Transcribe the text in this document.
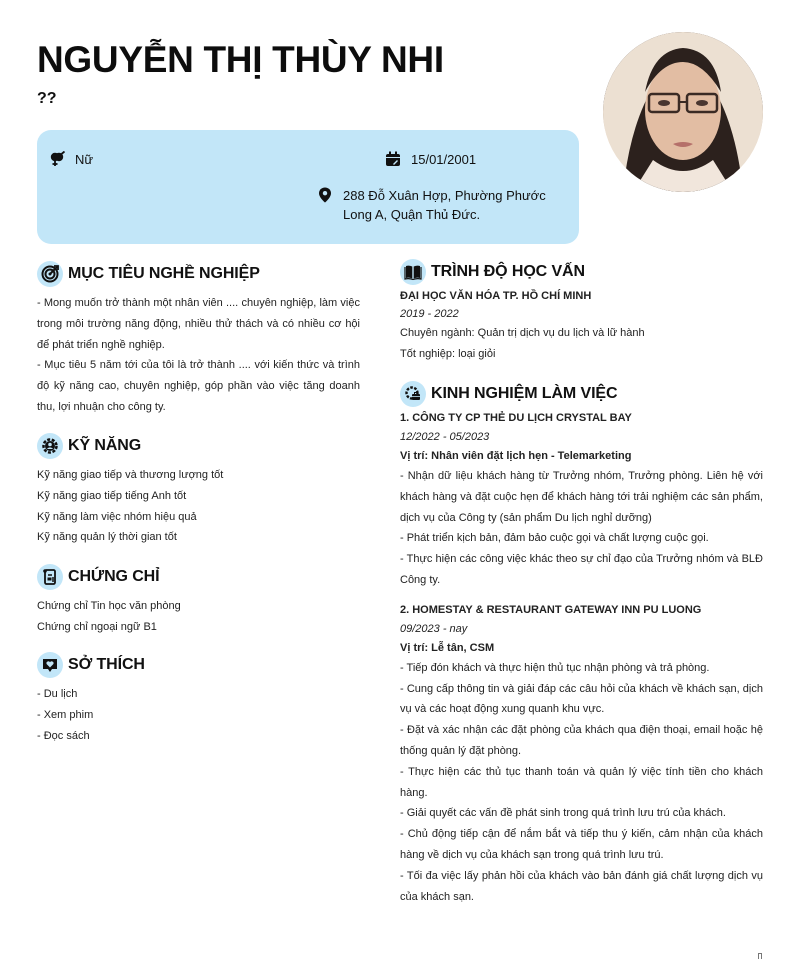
NGUYỄN THỊ THÙY NHI
??
Nữ	15/01/2001
288 Đỗ Xuân Hợp, Phường Phước Long A, Quận Thủ Đức.
MỤC TIÊU NGHỀ NGHIỆP

- Mong muốn trở thành một nhân viên .... chuyên nghiệp, làm việc trong môi trường năng động, nhiều thử thách và có nhiều cơ hội để phát triển nghề nghiệp.

- Mục tiêu 5 năm tới của tôi là trở thành .... với kiến thức và trình độ kỹ năng cao, chuyên nghiệp, góp phần vào việc tăng doanh thu, lợi nhuận cho công ty.

KỸ NĂNG
Kỹ năng giao tiếp và thương lượng tốt
Kỹ năng giao tiếp tiếng Anh tốt
Kỹ năng làm việc nhóm hiệu quả
Kỹ năng quản lý thời gian tốt
CHỨNG CHỈ
Chứng chỉ Tin học văn phòng
Chứng chỉ ngoại ngữ B1
SỞ THÍCH
- Du lịch
- Xem phim
- Đọc sách
TRÌNH ĐỘ HỌC VẤN
ĐẠI HỌC VĂN HÓA TP. HỒ CHÍ MINH
2019 - 2022
Chuyên ngành: Quản trị dịch vụ du lịch và lữ hành
Tốt nghiệp: loại giỏi
KINH NGHIỆM LÀM VIỆC
1. CÔNG TY CP THẺ DU LỊCH CRYSTAL BAY
12/2022 - 05/2023
Vị trí: Nhân viên đặt lịch hẹn - Telemarketing

- Nhận dữ liệu khách hàng từ Trưởng nhóm, Trưởng phòng. Liên hệ với khách hàng và đặt cuộc hẹn để khách hàng tới trải nghiệm các sản phẩm, dịch vụ của Công ty (sản phẩm Du lịch nghỉ dưỡng)

- Phát triển kịch bản, đảm bảo cuộc gọi và chất lượng cuộc gọi.

- Thực hiện các công việc khác theo sự chỉ đạo của Trưởng nhóm và BLĐ Công ty.

2. HOMESTAY & RESTAURANT GATEWAY INN PU LUONG
09/2023 - nay
Vị trí: Lễ tân, CSM

- Tiếp đón khách và thực hiện thủ tục nhận phòng và trả phòng.

- Cung cấp thông tin và giải đáp các câu hỏi của khách về khách sạn, dịch vụ và các hoạt động xung quanh khu vực.

- Đặt và xác nhận các đặt phòng của khách qua điện thoại, email hoặc hệ thống quản lý đặt phòng.

- Thực hiện các thủ tục thanh toán và quản lý việc tính tiền cho khách hàng.

- Giải quyết các vấn đề phát sinh trong quá trình lưu trú của khách.

- Chủ động tiếp cận để nắm bắt và tiếp thu ý kiến, cảm nhận của khách hàng về dịch vụ của khách sạn trong quá trình lưu trú.

- Tối đa việc lấy phản hồi của khách vào bản đánh giá chất lượng dịch vụ của khách sạn.
